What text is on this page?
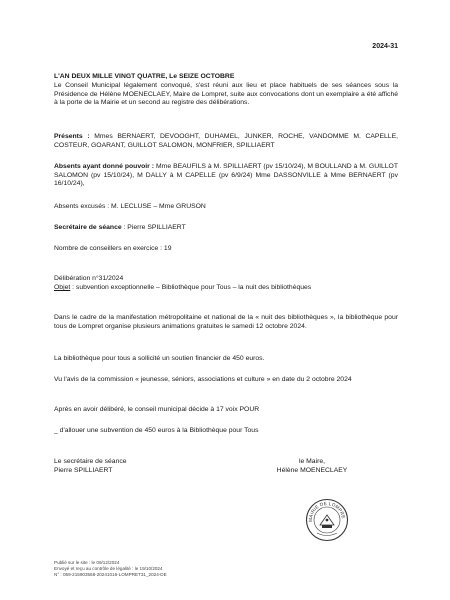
2024-31
L'AN DEUX MILLE VINGT QUATRE, Le SEIZE OCTOBRE
Le Conseil Municipal légalement convoqué, s'est réuni aux lieu et place habituels de ses séances sous la Présidence de Hélène MOENECLAEY, Maire de Lompret, suite aux convocations dont un exemplaire a été affiché à la porte de la Mairie et un second au registre des délibérations.
Présents : Mmes BERNAERT, DEVOOGHT, DUHAMEL, JUNKER, ROCHE, VANDOMME M. CAPELLE, COSTEUR, GOARANT, GUILLOT SALOMON, MONFRIER, SPILLIAERT
Absents ayant donné pouvoir : Mme BEAUFILS à M. SPILLIAERT (pv 15/10/24), M BOULLAND à M. GUILLOT SALOMON (pv 15/10/24), M DALLY à M CAPELLE (pv 6/9/24) Mme DASSONVILLE à Mme BERNAERT (pv 16/10/24),
Absents excusés : M. LECLUSE – Mme GRUSON
Secrétaire de séance : Pierre SPILLIAERT
Nombre de conseillers en exercice : 19
Délibération n°31/2024
Objet : subvention exceptionnelle – Bibliothèque pour Tous – la nuit des bibliothèques
Dans le cadre de la manifestation métropolitaine et national de la « nuit des bibliothèques », la bibliothèque pour tous de Lompret organise plusieurs animations gratuites le samedi 12 octobre 2024.
La bibliothèque pour tous a sollicité un soutien financier de 450 euros.
Vu l'avis de la commission « jeunesse, séniors, associations et culture » en date du 2 octobre 2024
Après en avoir délibéré, le conseil municipal décide à 17 voix POUR
_ d'allouer une subvention de 450 euros à la Bibliothèque pour Tous
Le secrétaire de séance
Pierre SPILLIAERT
le Maire,
Hélène MOENECLAEY
MAIRIE DE LOMPRE
Publié sur le site : le 09/12/2024
Envoyé et reçu au contrôle de légalité : le 19/10/2024
N° : 059-215903568-20241016-LOMPRET31_2024-DE
